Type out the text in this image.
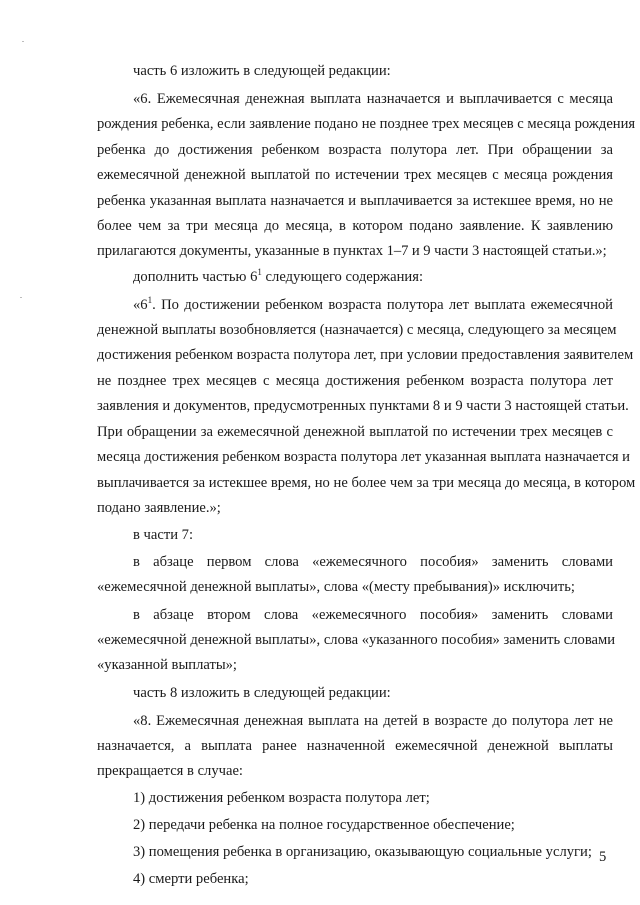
часть 6 изложить в следующей редакции:
«6. Ежемесячная денежная выплата назначается и выплачивается с месяца
рождения ребенка, если заявление подано не позднее трех месяцев с месяца рождения
ребенка до достижения ребенком возраста полутора лет. При обращении за
ежемесячной денежной выплатой по истечении трех месяцев с месяца рождения
ребенка указанная выплата назначается и выплачивается за истекшее время, но не
более чем за три месяца до месяца, в котором подано заявление. К заявлению
прилагаются документы, указанные в пунктах 1–7 и 9 части 3 настоящей статьи.»;
дополнить частью $6^1$ следующего содержания:
«$6^1$. По достижении ребенком возраста полутора лет выплата ежемесячной
денежной выплаты возобновляется (назначается) с месяца, следующего за месяцем
достижения ребенком возраста полутора лет, при условии предоставления заявителем
не позднее трех месяцев с месяца достижения ребенком возраста полутора лет
заявления и документов, предусмотренных пунктами 8 и 9 части 3 настоящей статьи.
При обращении за ежемесячной денежной выплатой по истечении трех месяцев с
месяца достижения ребенком возраста полутора лет указанная выплата назначается и
выплачивается за истекшее время, но не более чем за три месяца до месяца, в котором
подано заявление.»;
в части 7:
в абзаце первом слова «ежемесячного пособия» заменить словами
«ежемесячной денежной выплаты», слова «(месту пребывания)» исключить;
в абзаце втором слова «ежемесячного пособия» заменить словами
«ежемесячной денежной выплаты», слова «указанного пособия» заменить словами
«указанной выплаты»;
часть 8 изложить в следующей редакции:
«8. Ежемесячная денежная выплата на детей в возрасте до полутора лет не
назначается, а выплата ранее назначенной ежемесячной денежной выплаты
прекращается в случае:
1) достижения ребенком возраста полутора лет;
2) передачи ребенка на полное государственное обеспечение;
3) помещения ребенка в организацию, оказывающую социальные услуги;
4) смерти ребенка;
5
